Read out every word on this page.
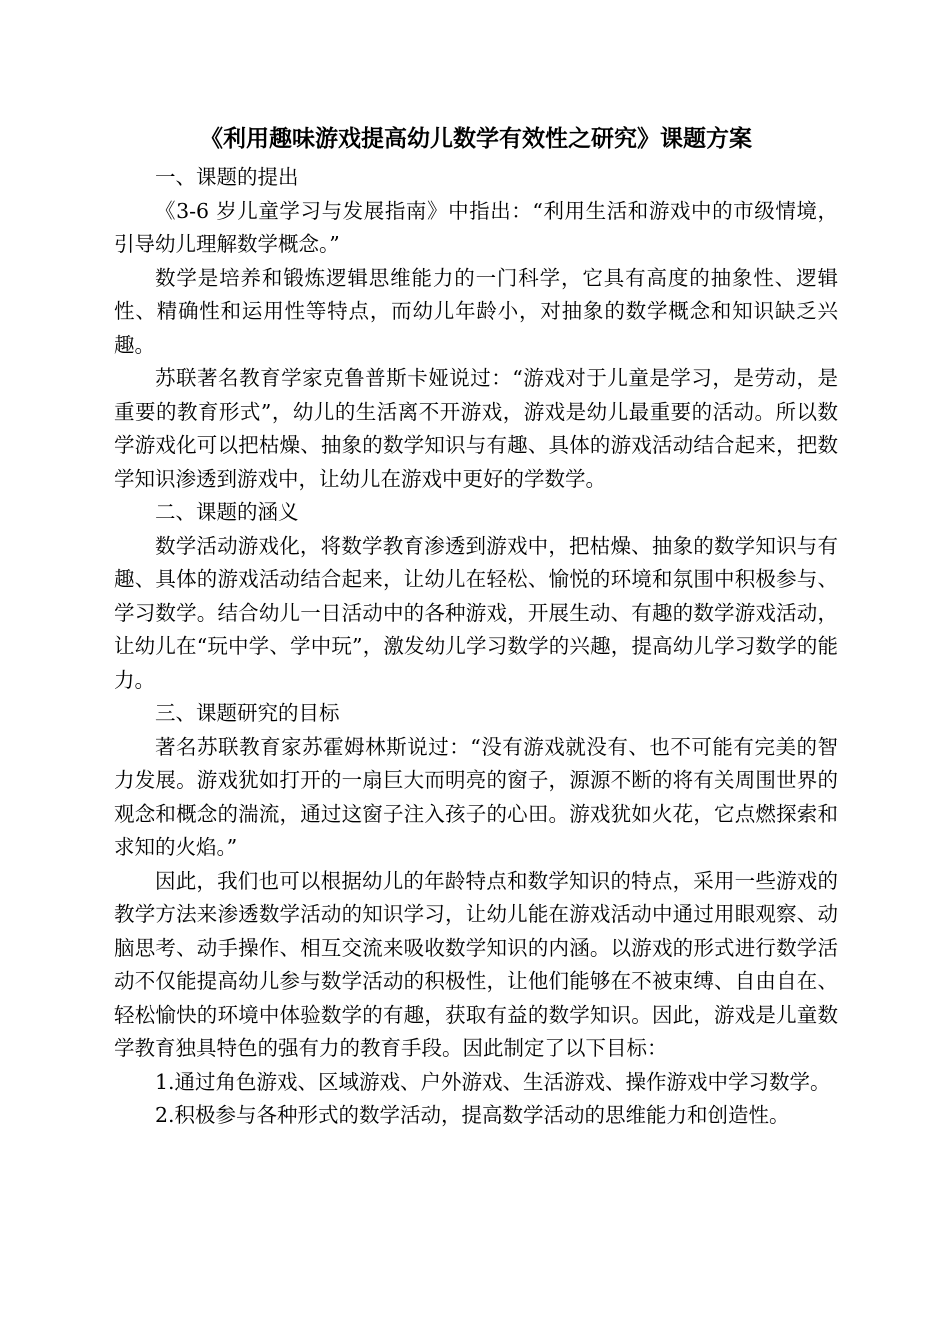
《利用趣味游戏提高幼儿数学有效性之研究》课题方案

一、课题的提出

《3-6 岁儿童学习与发展指南》中指出：“利用生活和游戏中的市级情境，引导幼儿理解数学概念。”

数学是培养和锻炼逻辑思维能力的一门科学，它具有高度的抽象性、逻辑性、精确性和运用性等特点，而幼儿年龄小，对抽象的数学概念和知识缺乏兴趣。

苏联著名教育学家克鲁普斯卡娅说过：“游戏对于儿童是学习，是劳动，是重要的教育形式”，幼儿的生活离不开游戏，游戏是幼儿最重要的活动。所以数学游戏化可以把枯燥、抽象的数学知识与有趣、具体的游戏活动结合起来，把数学知识渗透到游戏中，让幼儿在游戏中更好的学数学。

二、课题的涵义

数学活动游戏化，将数学教育渗透到游戏中，把枯燥、抽象的数学知识与有趣、具体的游戏活动结合起来，让幼儿在轻松、愉悦的环境和氛围中积极参与、学习数学。结合幼儿一日活动中的各种游戏，开展生动、有趣的数学游戏活动，让幼儿在“玩中学、学中玩”，激发幼儿学习数学的兴趣，提高幼儿学习数学的能力。

三、课题研究的目标

著名苏联教育家苏霍姆林斯说过：“没有游戏就没有、也不可能有完美的智力发展。游戏犹如打开的一扇巨大而明亮的窗子，源源不断的将有关周围世界的观念和概念的湍流，通过这窗子注入孩子的心田。游戏犹如火花，它点燃探索和求知的火焰。”

因此，我们也可以根据幼儿的年龄特点和数学知识的特点，采用一些游戏的教学方法来渗透数学活动的知识学习，让幼儿能在游戏活动中通过用眼观察、动脑思考、动手操作、相互交流来吸收数学知识的内涵。以游戏的形式进行数学活动不仅能提高幼儿参与数学活动的积极性，让他们能够在不被束缚、自由自在、轻松愉快的环境中体验数学的有趣，获取有益的数学知识。因此，游戏是儿童数学教育独具特色的强有力的教育手段。因此制定了以下目标：

1.通过角色游戏、区域游戏、户外游戏、生活游戏、操作游戏中学习数学。

2.积极参与各种形式的数学活动，提高数学活动的思维能力和创造性。
